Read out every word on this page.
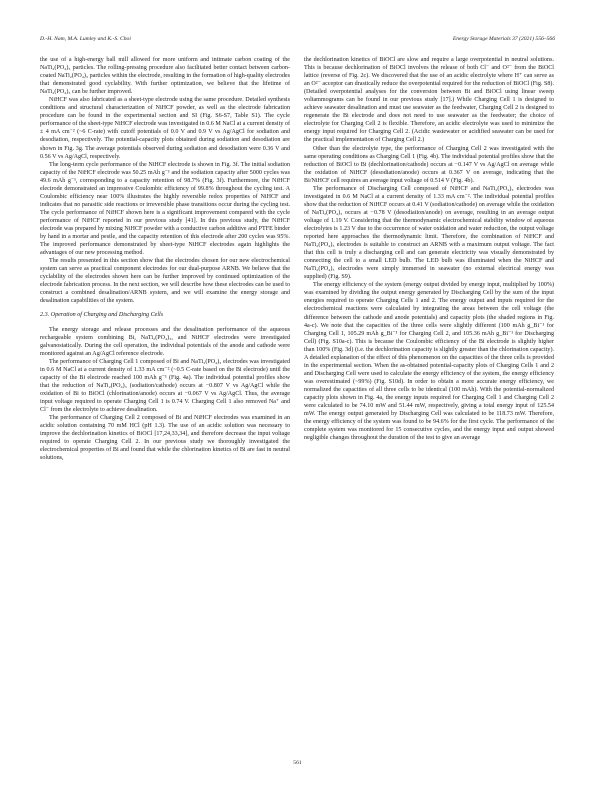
D.-H. Nam, M.A. Lumley and K.-S. Choi	Energy Storage Materials 37 (2021) 556–566

the use of a high-energy ball mill allowed for more uniform and intimate carbon coating of the NaTi₂(PO₄)₃ particles. The rolling-pressing procedure also facilitated better contact between carbon-coated NaTi₂(PO₄)₃ particles within the electrode, resulting in the formation of high-quality electrodes that demonstrated good cyclability. With further optimization, we believe that the lifetime of NaTi₂(PO₄)₃ can be further improved.

NiHCF was also fabricated as a sheet-type electrode using the same procedure. Detailed synthesis conditions and structural characterization of NiHCF powder, as well as the electrode fabrication procedure can be found in the experimental section and SI (Fig. S6-S7, Table S1). The cycle performance of the sheet-type NiHCF electrode was investigated in 0.6 M NaCl at a current density of ± 4 mA cm⁻² (~6 C-rate) with cutoff potentials of 0.0 V and 0.9 V vs Ag/AgCl for sodiation and desodiation, respectively. The potential-capacity plots obtained during sodiation and desodiation are shown in Fig. 3g. The average potentials observed during sodiation and desodiation were 0.36 V and 0.56 V vs Ag/AgCl, respectively.

The long-term cycle performance of the NiHCF electrode is shown in Fig. 3f. The initial sodiation capacity of the NiHCF electrode was 50.25 mAh g⁻¹ and the sodiation capacity after 5000 cycles was 49.6 mAh g⁻¹, corresponding to a capacity retention of 98.7% (Fig. 3f). Furthermore, the NiHCF electrode demonstrated an impressive Coulombic efficiency of 99.8% throughout the cycling test. A Coulombic efficiency near 100% illustrates the highly reversible redox properties of NiHCF and indicates that no parasitic side reactions or irreversible phase transitions occur during the cycling test. The cycle performance of NiHCF shown here is a significant improvement compared with the cycle performance of NiHCF reported in our previous study [41]. In this previous study, the NiHCF electrode was prepared by mixing NiHCF powder with a conductive carbon additive and PTFE binder by hand in a mortar and pestle, and the capacity retention of this electrode after 200 cycles was 95%. The improved performance demonstrated by sheet-type NiHCF electrodes again highlights the advantages of our new processing method.

The results presented in this section show that the electrodes chosen for our new electrochemical system can serve as practical component electrodes for our dual-purpose ARNB. We believe that the cyclability of the electrodes shown here can be further improved by continued optimization of the electrode fabrication process. In the next section, we will describe how these electrodes can be used to construct a combined desalination/ARNB system, and we will examine the energy storage and desalination capabilities of the system.

2.3. Operation of Charging and Discharging Cells

The energy storage and release processes and the desalination performance of the aqueous rechargeable system combining Bi, NaTi₂(PO₄)₃, and NiHCF electrodes were investigated galvanostatically. During the cell operation, the individual potentials of the anode and cathode were monitored against an Ag/AgCl reference electrode.

The performance of Charging Cell 1 composed of Bi and NaTi₂(PO₄)₃ electrodes was investigated in 0.6 M NaCl at a current density of 1.33 mA cm⁻² (~0.5 C-rate based on the Bi electrode) until the capacity of the Bi electrode reached 100 mAh g⁻¹ (Fig. 4a). The individual potential profiles show that the reduction of NaTi₂(PO₄)₃ (sodiation/cathode) occurs at −0.807 V vs Ag/AgCl while the oxidation of Bi to BiOCl (chlorination/anode) occurs at −0.067 V vs Ag/AgCl. Thus, the average input voltage required to operate Charging Cell 1 is 0.74 V. Charging Cell 1 also removed Na⁺ and Cl⁻ from the electrolyte to achieve desalination.

The performance of Charging Cell 2 composed of Bi and NiHCF electrodes was examined in an acidic solution containing 70 mM HCl (pH 1.3). The use of an acidic solution was necessary to improve the dechlorination kinetics of BiOCl [17,24,33,34], and therefore decrease the input voltage required to operate Charging Cell 2. In our previous study we thoroughly investigated the electrochemical properties of Bi and found that while the chlorination kinetics of Bi are fast in neutral solutions,

the dechlorination kinetics of BiOCl are slow and require a large overpotential in neutral solutions. This is because dechlorination of BiOCl involves the release of both Cl⁻ and O²⁻ from the BiOCl lattice (reverse of Fig. 2c). We discovered that the use of an acidic electrolyte where H⁺ can serve as an O²⁻ acceptor can drastically reduce the overpotential required for the reduction of BiOCl (Fig. S8). (Detailed overpotential analyses for the conversion between Bi and BiOCl using linear sweep voltammograms can be found in our previous study [17].) While Charging Cell 1 is designed to achieve seawater desalination and must use seawater as the feedwater, Charging Cell 2 is designed to regenerate the Bi electrode and does not need to use seawater as the feedwater; the choice of electrolyte for Charging Cell 2 is flexible. Therefore, an acidic electrolyte was used to minimize the energy input required for Charging Cell 2. (Acidic wastewater or acidified seawater can be used for the practical implementation of Charging Cell 2.)

Other than the electrolyte type, the performance of Charging Cell 2 was investigated with the same operating conditions as Charging Cell 1 (Fig. 4b). The individual potential profiles show that the reduction of BiOCl to Bi (dechlorination/cathode) occurs at −0.147 V vs Ag/AgCl on average while the oxidation of NiHCF (desodiation/anode) occurs at 0.367 V on average, indicating that the Bi/NiHCF cell requires an average input voltage of 0.514 V (Fig. 4b).

The performance of Discharging Cell composed of NiHCF and NaTi₂(PO₄)₃ electrodes was investigated in 0.6 M NaCl at a current density of 1.33 mA cm⁻². The individual potential profiles show that the reduction of NiHCF occurs at 0.41 V (sodiation/cathode) on average while the oxidation of NaTi₂(PO₄)₃ occurs at −0.78 V (desodiation/anode) on average, resulting in an average output voltage of 1.19 V. Considering that the thermodynamic electrochemical stability window of aqueous electrolytes is 1.23 V due to the occurrence of water oxidation and water reduction, the output voltage reported here approaches the thermodynamic limit. Therefore, the combination of NiHCF and NaTi₂(PO₄)₃ electrodes is suitable to construct an ARNB with a maximum output voltage. The fact that this cell is truly a discharging cell and can generate electricity was visually demonstrated by connecting the cell to a small LED bulb. The LED bulb was illuminated when the NiHCF and NaTi₂(PO₄)₃ electrodes were simply immersed in seawater (no external electrical energy was supplied) (Fig. S9).

The energy efficiency of the system (energy output divided by energy input, multiplied by 100%) was examined by dividing the output energy generated by Discharging Cell by the sum of the input energies required to operate Charging Cells 1 and 2. The energy output and inputs required for the electrochemical reactions were calculated by integrating the areas between the cell voltage (the difference between the cathode and anode potentials) and capacity plots (the shaded regions in Fig. 4a-c). We note that the capacities of the three cells were slightly different (100 mAh g_Bi⁻¹ for Charging Cell 1, 105.29 mAh g_Bi⁻¹ for Charging Cell 2, and 105.36 mAh g_Bi⁻¹ for Discharging Cell) (Fig. S10a-c). This is because the Coulombic efficiency of the Bi electrode is slightly higher than 100% (Fig. 3d) (i.e. the dechlorination capacity is slightly greater than the chlorination capacity). A detailed explanation of the effect of this phenomenon on the capacities of the three cells is provided in the experimental section. When the as-obtained potential-capacity plots of Charging Cells 1 and 2 and Discharging Cell were used to calculate the energy efficiency of the system, the energy efficiency was overestimated (~99%) (Fig. S10d). In order to obtain a more accurate energy efficiency, we normalized the capacities of all three cells to be identical (100 mAh). With the potential-normalized capacity plots shown in Fig. 4a, the energy inputs required for Charging Cell 1 and Charging Cell 2 were calculated to be 74.10 mW and 51.44 mW, respectively, giving a total energy input of 125.54 mW. The energy output generated by Discharging Cell was calculated to be 118.73 mW. Therefore, the energy efficiency of the system was found to be 94.6% for the first cycle. The performance of the complete system was monitored for 15 consecutive cycles, and the energy input and output showed negligible changes throughout the duration of the test to give an average

561
